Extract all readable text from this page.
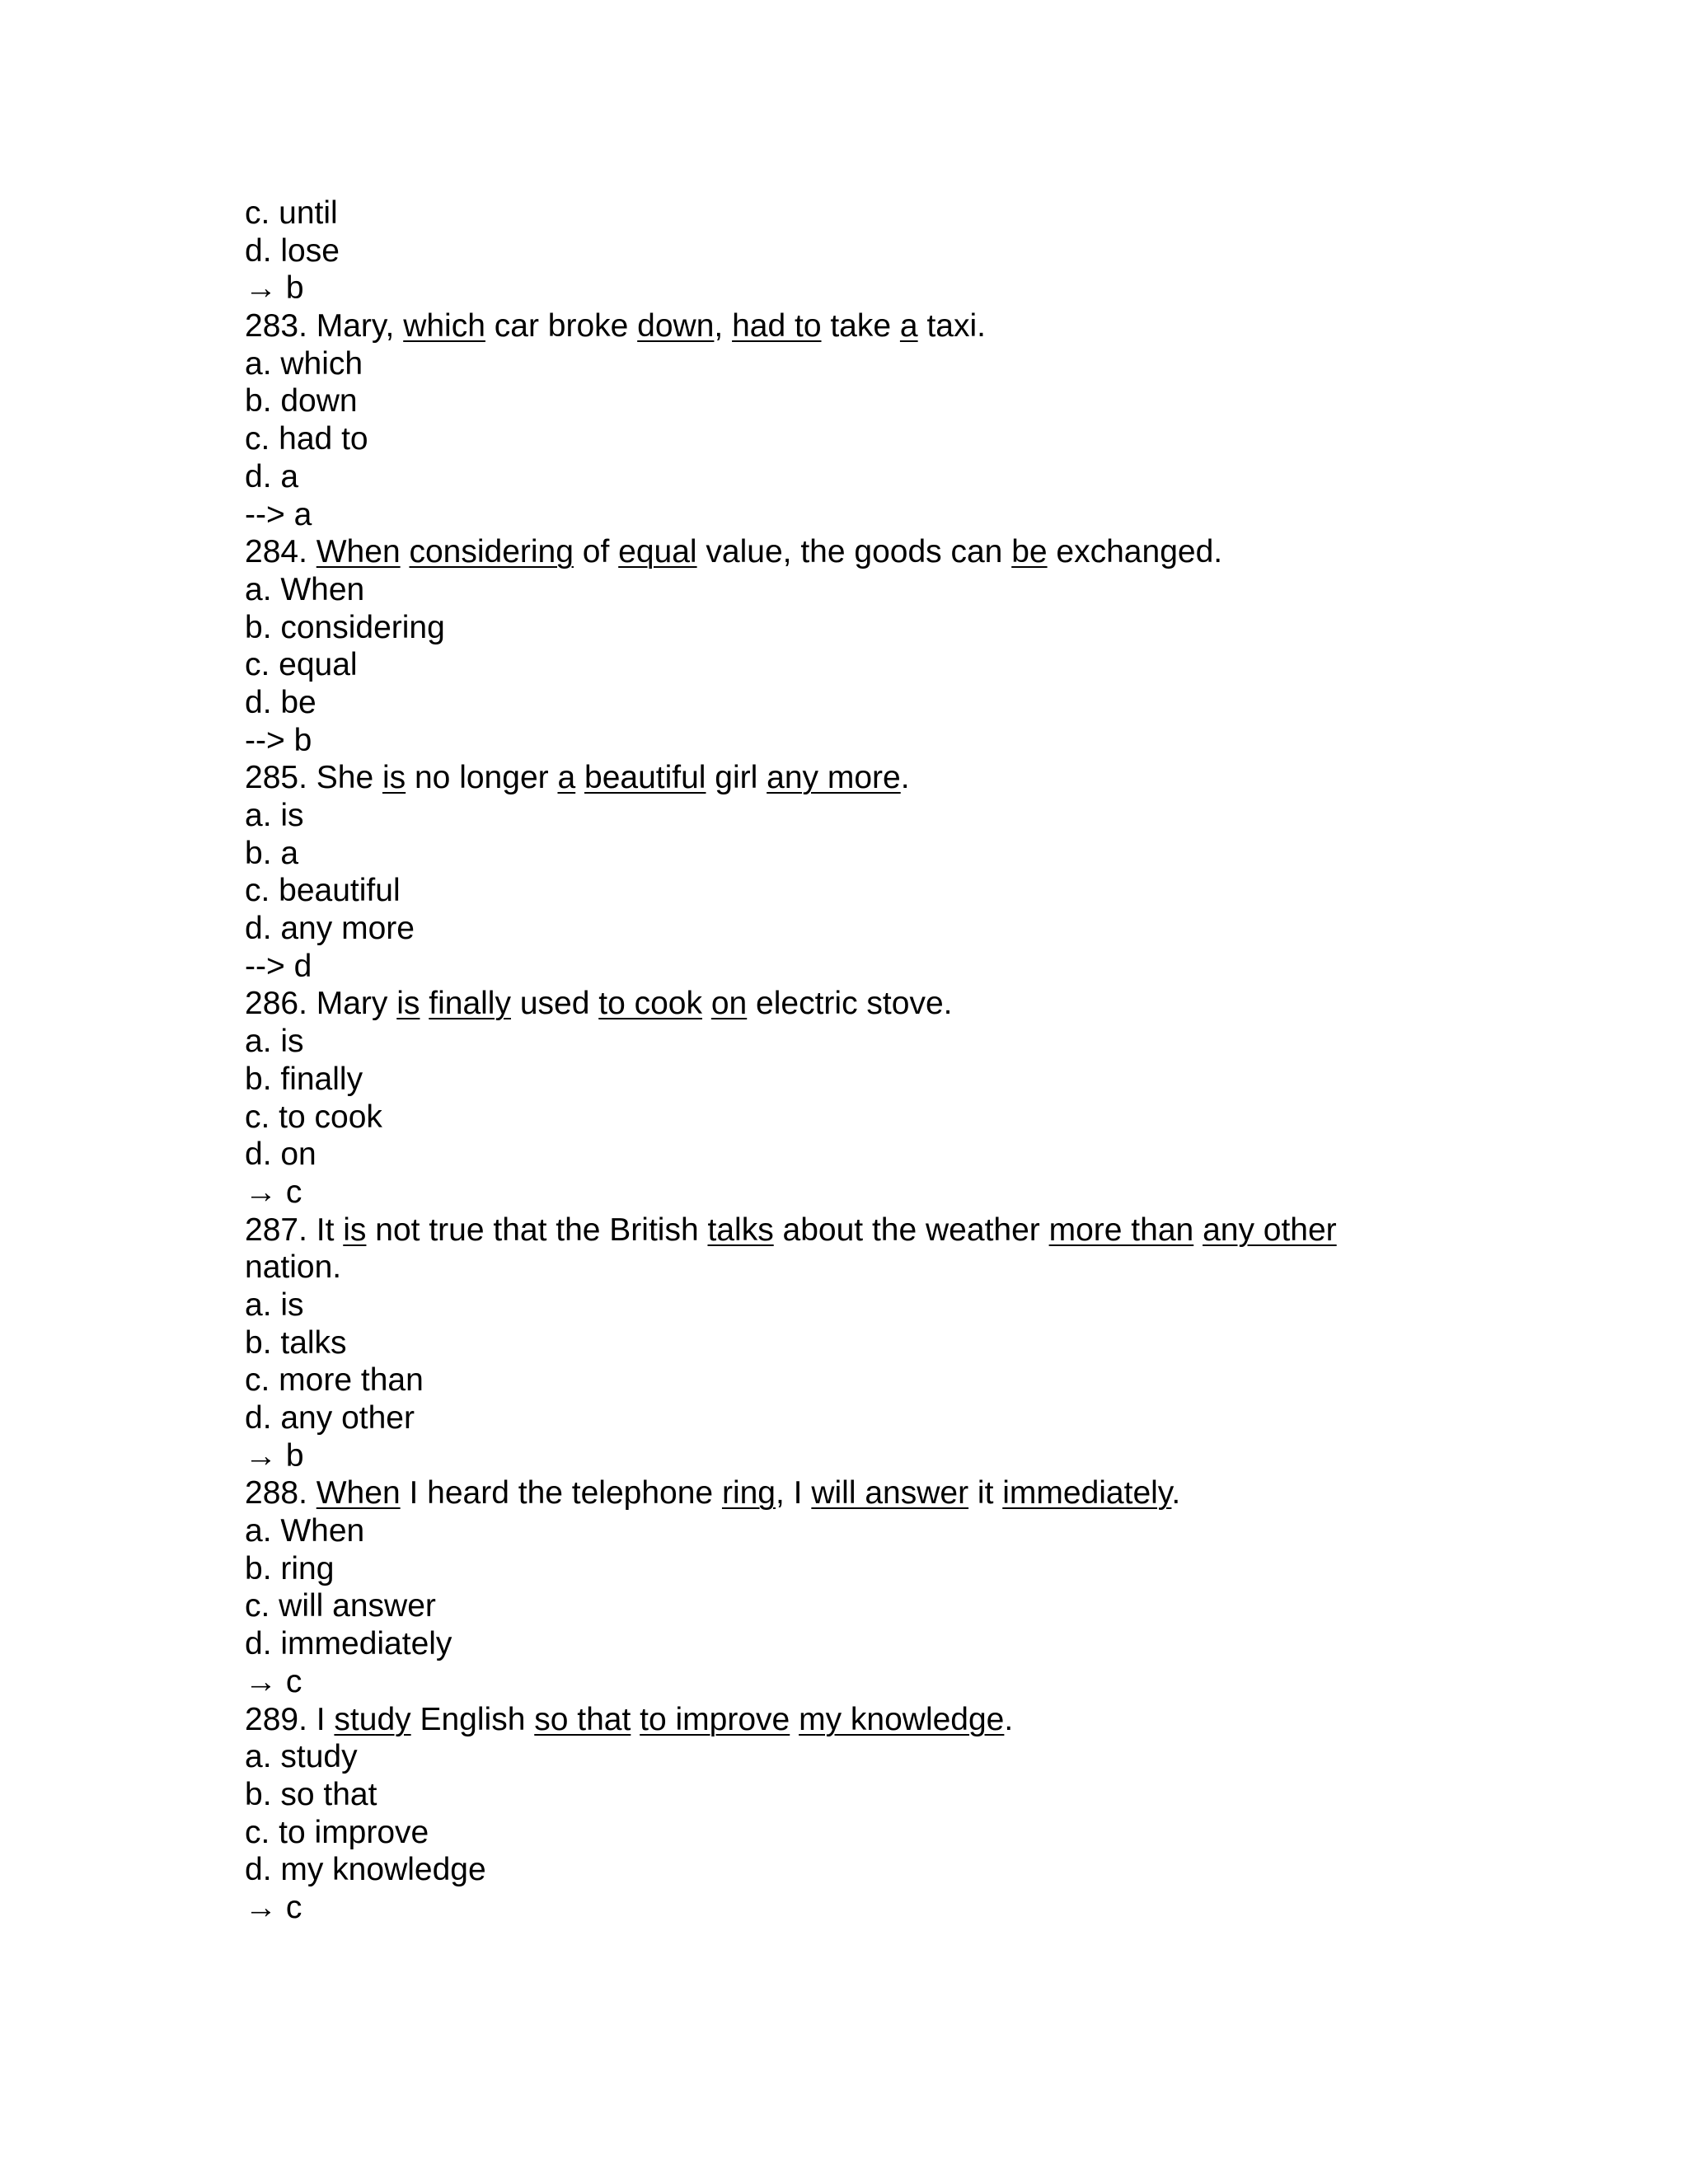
c. until
d. lose
→ b
283. Mary, which car broke down, had to take a taxi.
a. which
b. down
c. had to
d. a
--> a
284. When considering of equal value, the goods can be exchanged.
a. When
b. considering
c. equal
d. be
--> b
285. She is no longer a beautiful girl any more.
a. is
b. a
c. beautiful
d. any more
--> d
286. Mary is finally used to cook on electric stove.
a. is
b. finally
c. to cook
d. on
→ c
287. It is not true that the British talks about the weather more than any other
nation.
a. is
b. talks
c. more than
d. any other
→ b
288. When I heard the telephone ring, I will answer it immediately.
a. When
b. ring
c. will answer
d. immediately
→ c
289. I study English so that to improve my knowledge.
a. study
b. so that
c. to improve
d. my knowledge
→ c
